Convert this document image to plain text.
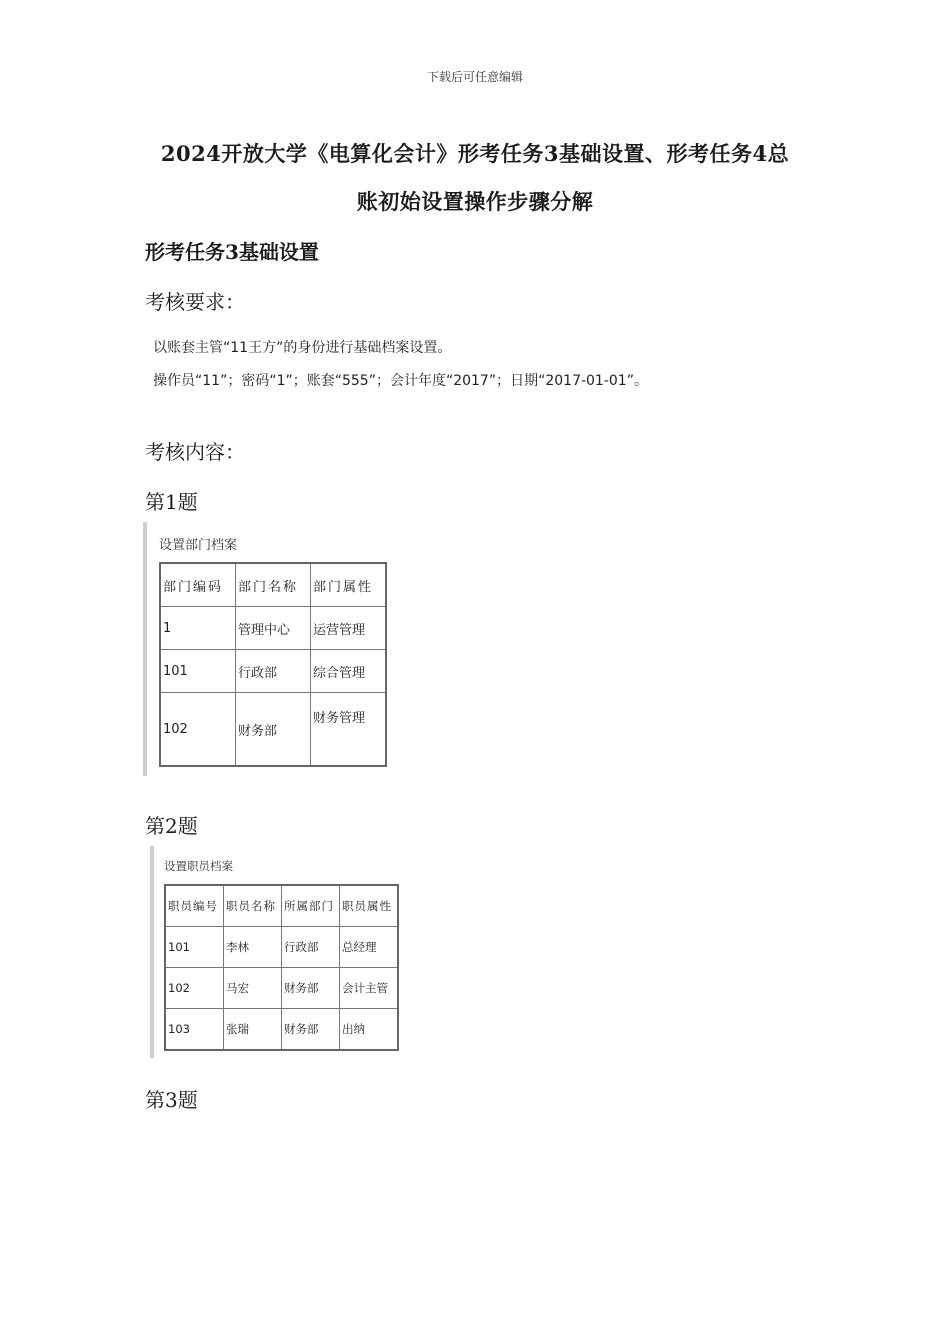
下载后可任意编辑
2024开放大学《电算化会计》形考任务3基础设置、形考任务4总
账初始设置操作步骤分解
形考任务3基础设置
考核要求：
以账套主管“11王方”的身份进行基础档案设置。
操作员“11”；密码“1”；账套“555”；会计年度“2017”；日期“2017-01-01”。
考核内容：
第1题
设置部门档案
部门编码	部门名称	部门属性
1	管理中心	运营管理
101	行政部	综合管理
102	财务部	财务管理
第2题
设置职员档案
职员编号	职员名称	所属部门	职员属性
101	李林	行政部	总经理
102	马宏	财务部	会计主管
103	张瑞	财务部	出纳
第3题
